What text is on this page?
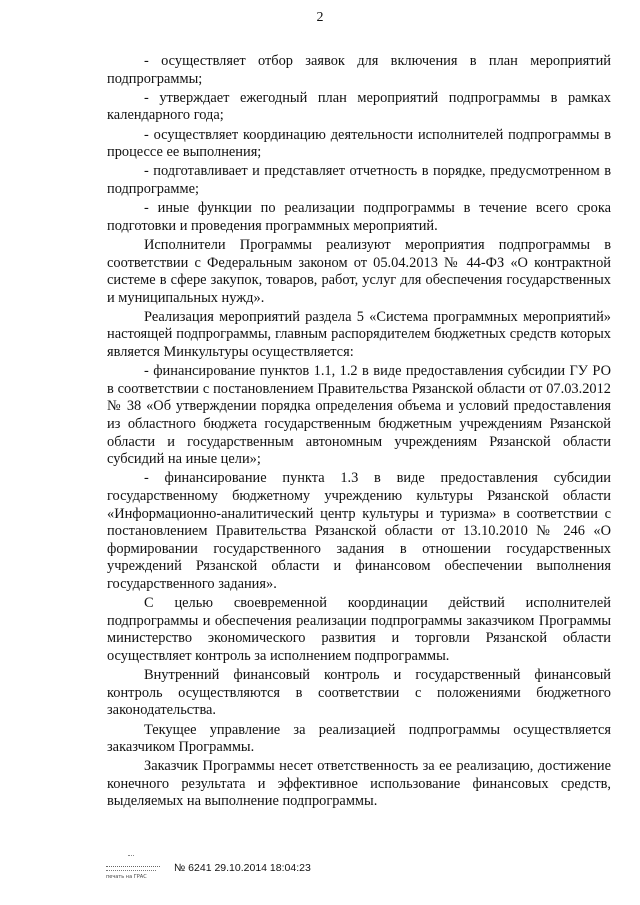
2

- осуществляет отбор заявок для включения в план мероприятий подпрограммы;

- утверждает ежегодный план мероприятий подпрограммы в рамках календарного года;

- осуществляет координацию деятельности исполнителей подпрограммы в процессе ее выполнения;

- подготавливает и представляет отчетность в порядке, предусмотренном в подпрограмме;

- иные функции по реализации подпрограммы в течение всего срока подготовки и проведения программных мероприятий.

Исполнители Программы реализуют мероприятия подпрограммы в соответствии с Федеральным законом от 05.04.2013 № 44-ФЗ «О контрактной системе в сфере закупок, товаров, работ, услуг для обеспечения государственных и муниципальных нужд».

Реализация мероприятий раздела 5 «Система программных мероприятий» настоящей подпрограммы, главным распорядителем бюджетных средств которых является Минкультуры осуществляется:

- финансирование пунктов 1.1, 1.2 в виде предоставления субсидии ГУ РО в соответствии с постановлением Правительства Рязанской области от 07.03.2012 № 38 «Об утверждении порядка определения объема и условий предоставления из областного бюджета государственным бюджетным учреждениям Рязанской области и государственным автономным учреждениям Рязанской области субсидий на иные цели»;

- финансирование пункта 1.3 в виде предоставления субсидии государственному бюджетному учреждению культуры Рязанской области «Информационно-аналитический центр культуры и туризма» в соответствии с постановлением Правительства Рязанской области от 13.10.2010 № 246 «О формировании государственного задания в отношении государственных учреждений Рязанской области и финансовом обеспечении выполнения государственного задания».

С целью своевременной координации действий исполнителей подпрограммы и обеспечения реализации подпрограммы заказчиком Программы министерство экономического развития и торговли Рязанской области осуществляет контроль за исполнением подпрограммы.

Внутренний финансовый контроль и государственный финансовый контроль осуществляются в соответствии с положениями бюджетного законодательства.

Текущее управление за реализацией подпрограммы осуществляется заказчиком Программы.

Заказчик Программы несет ответственность за ее реализацию, достижение конечного результата и эффективное использование финансовых средств, выделяемых на выполнение подпрограммы.

печать на ГРАС
№ 6241 29.10.2014 18:04:23
